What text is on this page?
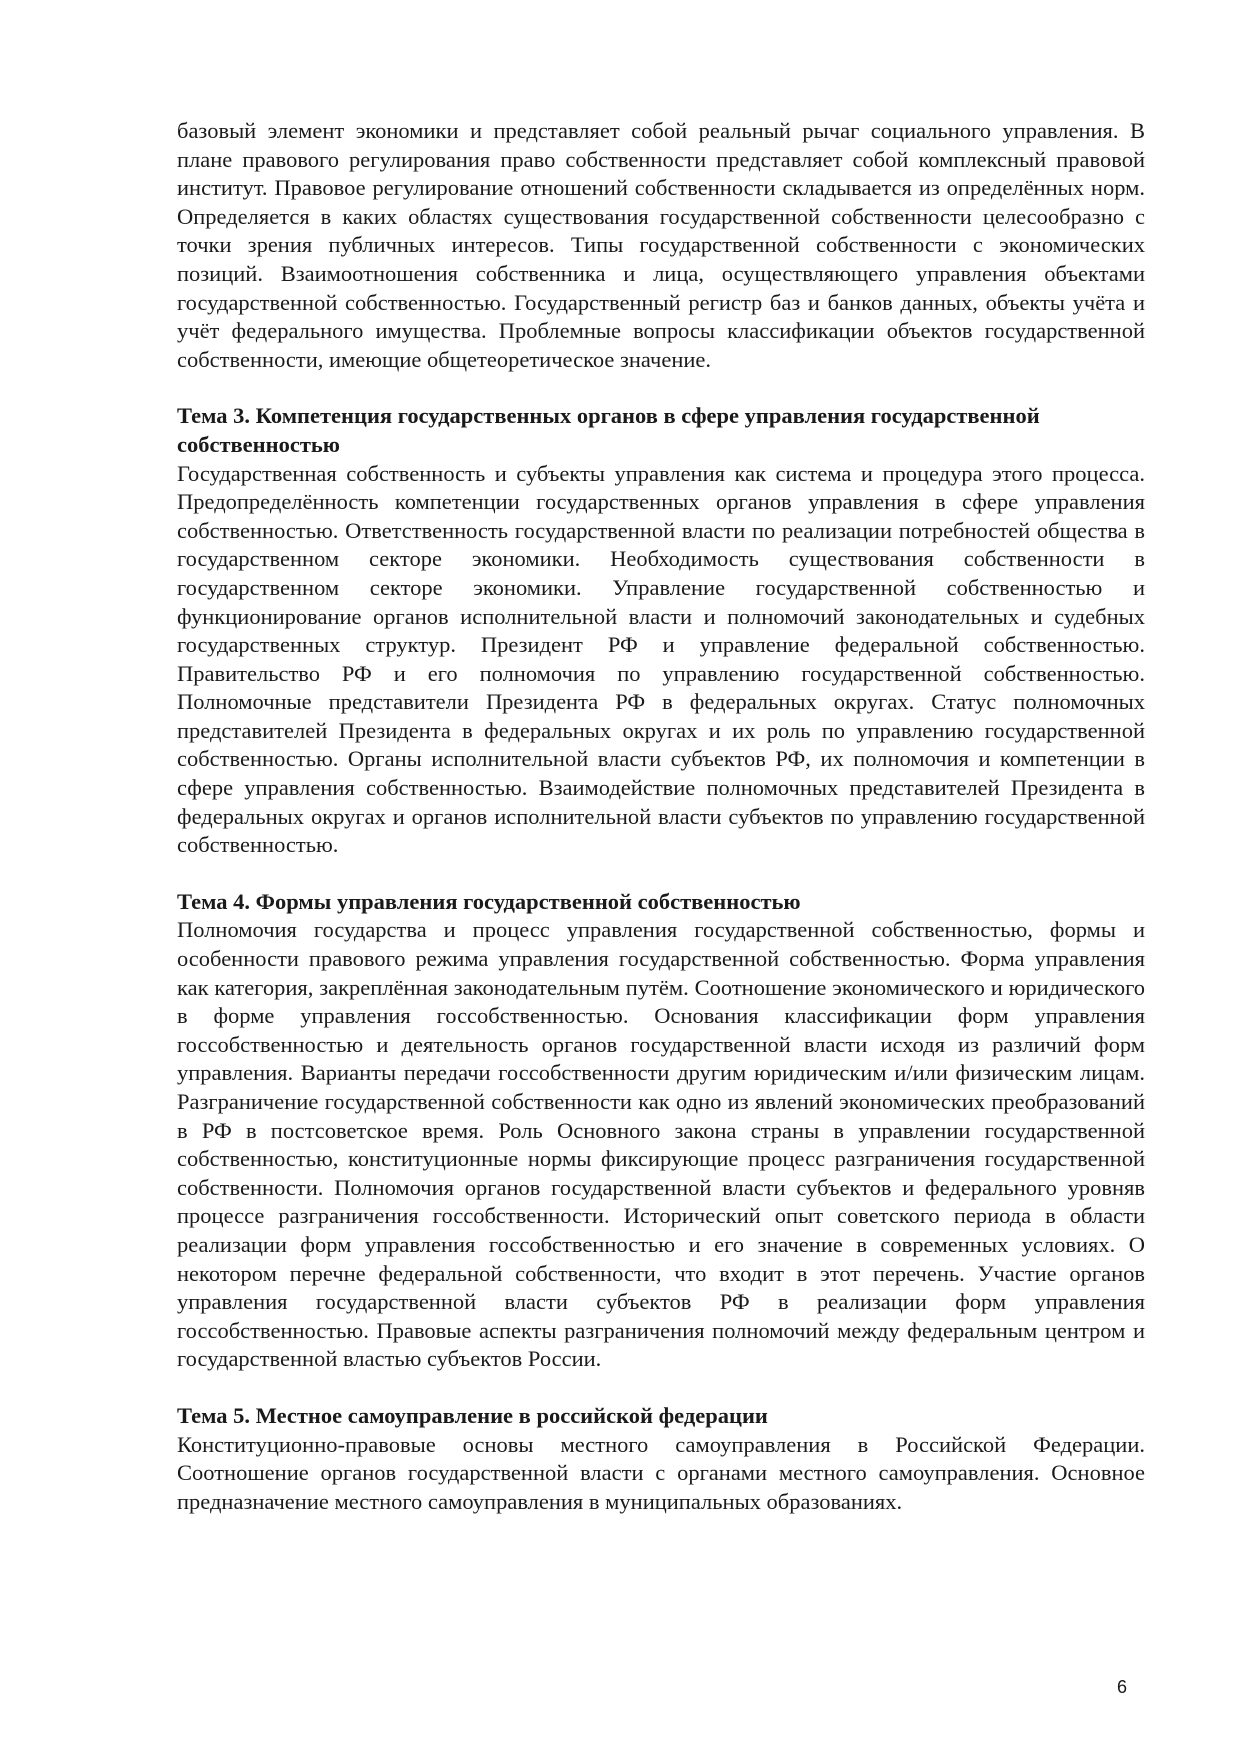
базовый элемент экономики и представляет собой реальный рычаг социального управления. В плане правового регулирования право собственности представляет собой комплексный правовой институт. Правовое регулирование отношений собственности складывается из определённых норм. Определяется в каких областях существования государственной собственности целесообразно с точки зрения публичных интересов. Типы государственной собственности с экономических позиций. Взаимоотношения собственника и лица, осуществляющего управления объектами государственной собственностью. Государственный регистр баз и банков данных, объекты учёта и учёт федерального имущества. Проблемные вопросы классификации объектов государственной собственности, имеющие общетеоретическое значение.

Тема 3. Компетенция государственных органов в сфере управления государственной собственностью

Государственная собственность и субъекты управления как система и процедура этого процесса. Предопределённость компетенции государственных органов управления в сфере управления собственностью. Ответственность государственной власти по реализации потребностей общества в государственном секторе экономики. Необходимость существования собственности в государственном секторе экономики. Управление государственной собственностью и функционирование органов исполнительной власти и полномочий законодательных и судебных государственных структур. Президент РФ и управление федеральной собственностью. Правительство РФ и его полномочия по управлению государственной собственностью. Полномочные представители Президента РФ в федеральных округах. Статус полномочных представителей Президента в федеральных округах и их роль по управлению государственной собственностью. Органы исполнительной власти субъектов РФ, их полномочия и компетенции в сфере управления собственностью. Взаимодействие полномочных представителей Президента в федеральных округах и органов исполнительной власти субъектов по управлению государственной собственностью.

Тема 4. Формы управления государственной собственностью

Полномочия государства и процесс управления государственной собственностью, формы и особенности правового режима управления государственной собственностью. Форма управления как категория, закреплённая законодательным путём. Соотношение экономического и юридического в форме управления госсобственностью. Основания классификации форм управления госсобственностью и деятельность органов государственной власти исходя из различий форм управления. Варианты передачи госсобственности другим юридическим и/или физическим лицам. Разграничение государственной собственности как одно из явлений экономических преобразований в РФ в постсоветское время. Роль Основного закона страны в управлении государственной собственностью, конституционные нормы фиксирующие процесс разграничения государственной собственности. Полномочия органов государственной власти субъектов и федерального уровняв процессе разграничения госсобственности. Исторический опыт советского периода в области реализации форм управления госсобственностью и его значение в современных условиях. О некотором перечне федеральной собственности, что входит в этот перечень. Участие органов управления государственной власти субъектов РФ в реализации форм управления госсобственностью. Правовые аспекты разграничения полномочий между федеральным центром и государственной властью субъектов России.

Тема 5. Местное самоуправление в российской федерации

Конституционно-правовые основы местного самоуправления в Российской Федерации. Соотношение органов государственной власти с органами местного самоуправления. Основное предназначение местного самоуправления в муниципальных образованиях.

6
